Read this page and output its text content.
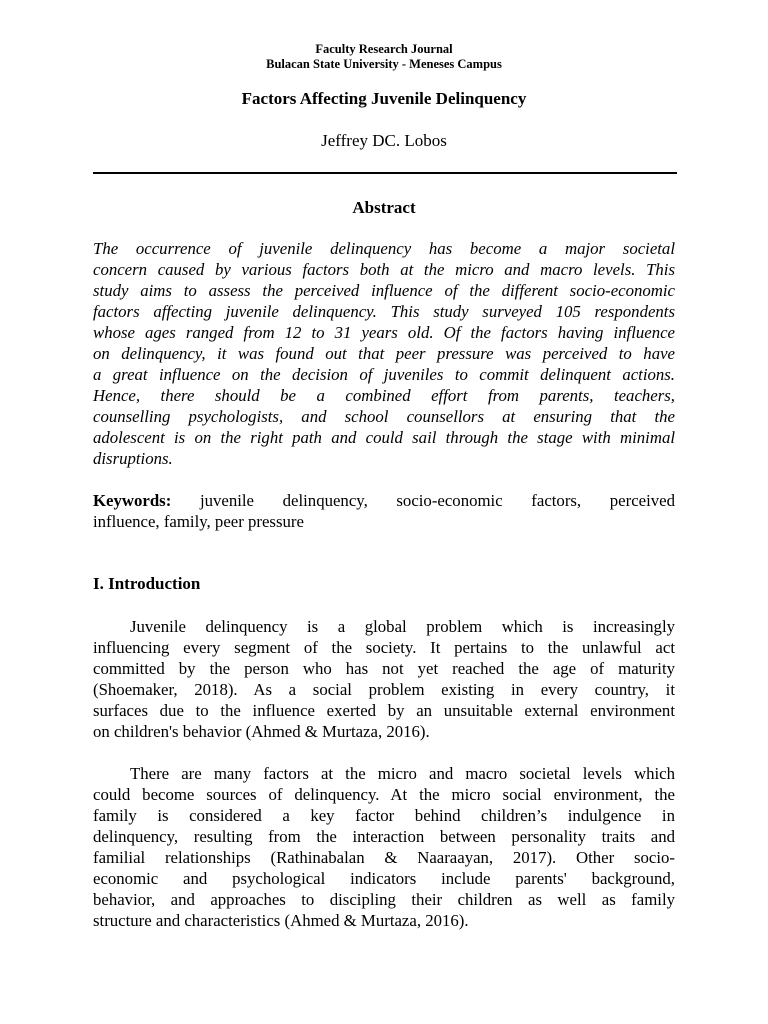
Faculty Research Journal
Bulacan State University - Meneses Campus
Factors Affecting Juvenile Delinquency
Jeffrey DC. Lobos
Abstract
The occurrence of juvenile delinquency has become a major societal
concern caused by various factors both at the micro and macro levels. This
study aims to assess the perceived influence of the different socio-economic
factors affecting juvenile delinquency. This study surveyed 105 respondents
whose ages ranged from 12 to 31 years old. Of the factors having influence
on delinquency, it was found out that peer pressure was perceived to have
a great influence on the decision of juveniles to commit delinquent actions.
Hence, there should be a combined effort from parents, teachers,
counselling psychologists, and school counsellors at ensuring that the
adolescent is on the right path and could sail through the stage with minimal
disruptions.
Keywords: juvenile delinquency, socio-economic factors, perceived
influence, family, peer pressure
I. Introduction
Juvenile delinquency is a global problem which is increasingly
influencing every segment of the society. It pertains to the unlawful act
committed by the person who has not yet reached the age of maturity
(Shoemaker, 2018). As a social problem existing in every country, it
surfaces due to the influence exerted by an unsuitable external environment
on children's behavior (Ahmed & Murtaza, 2016).
There are many factors at the micro and macro societal levels which
could become sources of delinquency. At the micro social environment, the
family is considered a key factor behind children’s indulgence in
delinquency, resulting from the interaction between personality traits and
familial relationships (Rathinabalan & Naaraayan, 2017). Other socio-
economic and psychological indicators include parents' background,
behavior, and approaches to discipling their children as well as family
structure and characteristics (Ahmed & Murtaza, 2016).
